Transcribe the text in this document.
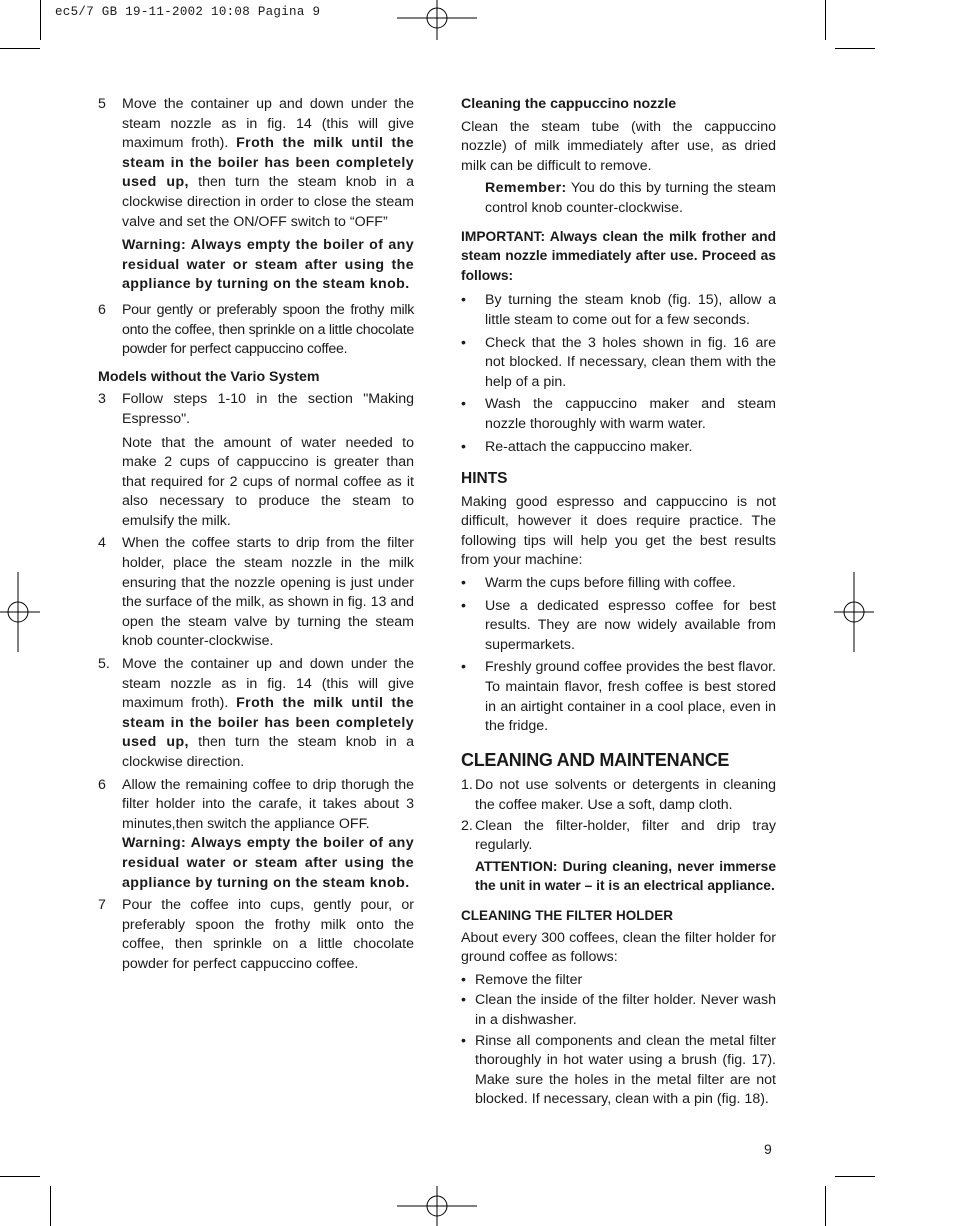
ec5/7 GB 19-11-2002 10:08 Pagina 9
5 Move the container up and down under the steam nozzle as in fig. 14 (this will give maximum froth). Froth the milk until the steam in the boiler has been completely used up, then turn the steam knob in a clockwise direction in order to close the steam valve and set the ON/OFF switch to “OFF”
Warning: Always empty the boiler of any residual water or steam after using the appliance by turning on the steam knob.
6 Pour gently or preferably spoon the frothy milk onto the coffee, then sprinkle on a little chocolate powder for perfect cappuccino coffee.
Models without the Vario System
3 Follow steps 1-10 in the section "Making Espresso".
Note that the amount of water needed to make 2 cups of cappuccino is greater than that required for 2 cups of normal coffee as it also necessary to produce the steam to emulsify the milk.
4 When the coffee starts to drip from the filter holder, place the steam nozzle in the milk ensuring that the nozzle opening is just under the surface of the milk, as shown in fig. 13 and open the steam valve by turning the steam knob counter-clockwise.
5. Move the container up and down under the steam nozzle as in fig. 14 (this will give maximum froth). Froth the milk until the steam in the boiler has been completely used up, then turn the steam knob in a clockwise direction.
6 Allow the remaining coffee to drip thorugh the filter holder into the carafe, it takes about 3 minutes,then switch the appliance OFF.
Warning: Always empty the boiler of any residual water or steam after using the appliance by turning on the steam knob.
7 Pour the coffee into cups, gently pour, or preferably spoon the frothy milk onto the coffee, then sprinkle on a little chocolate powder for perfect cappuccino coffee.
Cleaning the cappuccino nozzle
Clean the steam tube (with the cappuccino nozzle) of milk immediately after use, as dried milk can be difficult to remove.
Remember: You do this by turning the steam control knob counter-clockwise.
IMPORTANT: Always clean the milk frother and steam nozzle immediately after use. Proceed as follows:
• By turning the steam knob (fig. 15), allow a little steam to come out for a few seconds.
• Check that the 3 holes shown in fig. 16 are not blocked. If necessary, clean them with the help of a pin.
• Wash the cappuccino maker and steam nozzle thoroughly with warm water.
• Re-attach the cappuccino maker.
HINTS
Making good espresso and cappuccino is not difficult, however it does require practice. The following tips will help you get the best results from your machine:
• Warm the cups before filling with coffee.
• Use a dedicated espresso coffee for best results. They are now widely available from supermarkets.
• Freshly ground coffee provides the best flavor. To maintain flavor, fresh coffee is best stored in an airtight container in a cool place, even in the fridge.
CLEANING AND MAINTENANCE
1. Do not use solvents or detergents in cleaning the coffee maker. Use a soft, damp cloth.
2. Clean the filter-holder, filter and drip tray regularly.
ATTENTION: During cleaning, never immerse the unit in water – it is an electrical appliance.
CLEANING THE FILTER HOLDER
About every 300 coffees, clean the filter holder for ground coffee as follows:
• Remove the filter
• Clean the inside of the filter holder. Never wash in a dishwasher.
• Rinse all components and clean the metal filter thoroughly in hot water using a brush (fig. 17). Make sure the holes in the metal filter are not blocked. If necessary, clean with a pin (fig. 18).
9
